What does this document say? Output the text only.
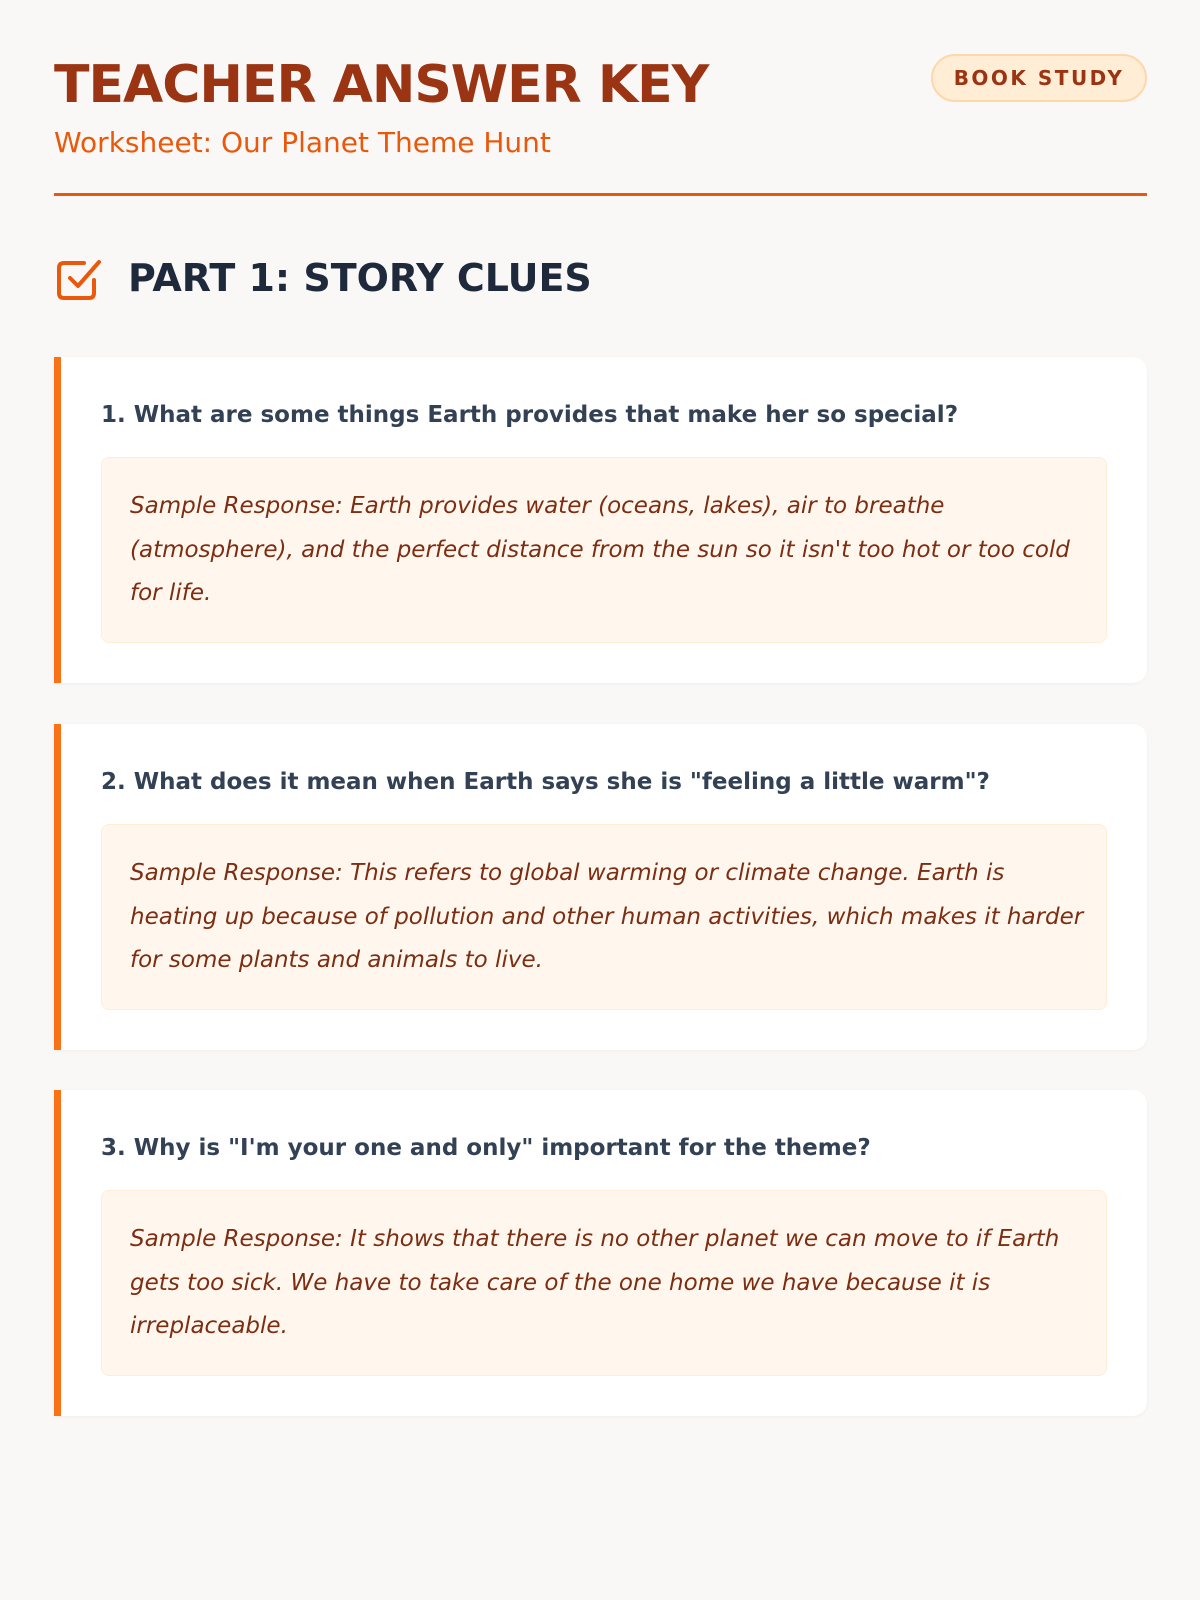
TEACHER ANSWER KEY
Worksheet: Our Planet Theme Hunt
BOOK STUDY
PART 1: STORY CLUES

1. What are some things Earth provides that make her so special?

Sample Response: Earth provides water (oceans, lakes), air to breathe (atmosphere), and the perfect distance from the sun so it isn't too hot or too cold for life.

2. What does it mean when Earth says she is "feeling a little warm"?

Sample Response: This refers to global warming or climate change. Earth is heating up because of pollution and other human activities, which makes it harder for some plants and animals to live.

3. Why is "I'm your one and only" important for the theme?

Sample Response: It shows that there is no other planet we can move to if Earth gets too sick. We have to take care of the one home we have because it is irreplaceable.
